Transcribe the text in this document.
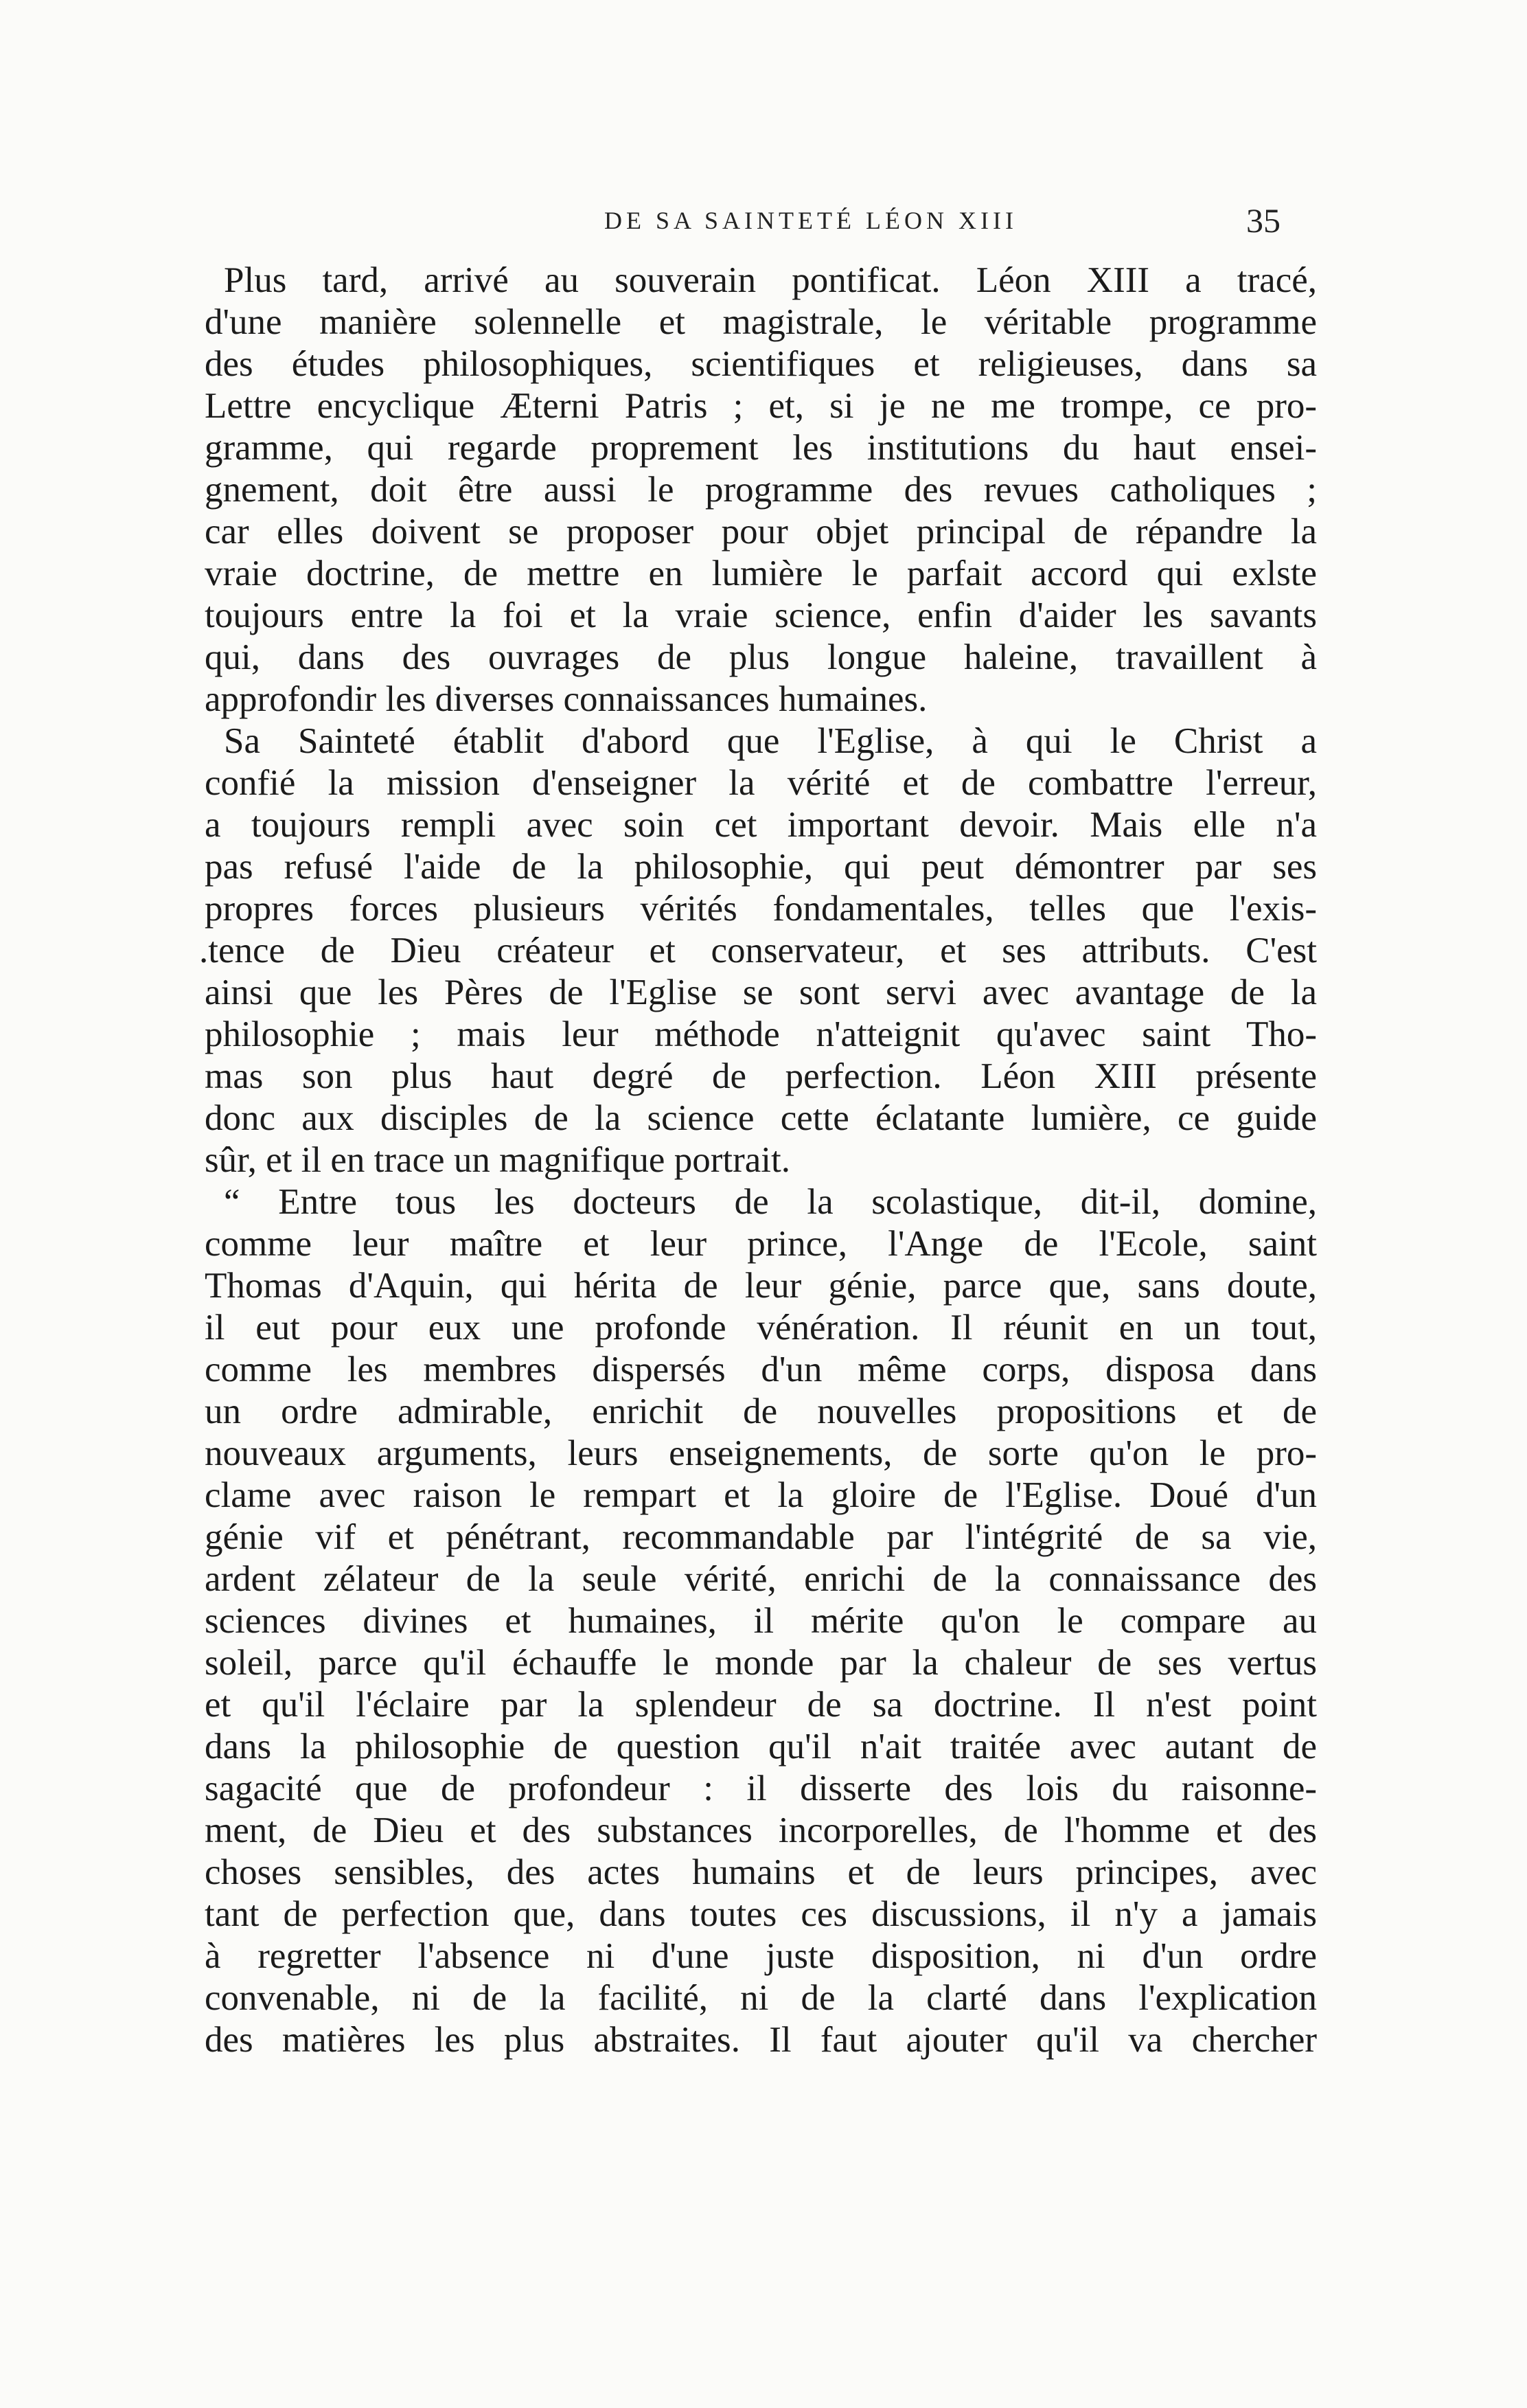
DE SA SAINTETÉ LÉON XIII	35
Plus tard, arrivé au souverain pontificat. Léon XIII a tracé,
d'une manière solennelle et magistrale, le véritable programme
des études philosophiques, scientifiques et religieuses, dans sa
Lettre encyclique Æterni Patris ; et, si je ne me trompe, ce pro-
gramme, qui regarde proprement les institutions du haut ensei-
gnement, doit être aussi le programme des revues catholiques ;
car elles doivent se proposer pour objet principal de répandre la
vraie doctrine, de mettre en lumière le parfait accord qui exlste
toujours entre la foi et la vraie science, enfin d'aider les savants
qui, dans des ouvrages de plus longue haleine, travaillent à
approfondir les diverses connaissances humaines.
Sa Sainteté établit d'abord que l'Eglise, à qui le Christ a
confié la mission d'enseigner la vérité et de combattre l'erreur,
a toujours rempli avec soin cet important devoir. Mais elle n'a
pas refusé l'aide de la philosophie, qui peut démontrer par ses
propres forces plusieurs vérités fondamentales, telles que l'exis-
.tence de Dieu créateur et conservateur, et ses attributs. C'est
ainsi que les Pères de l'Eglise se sont servi avec avantage de la
philosophie ; mais leur méthode n'atteignit qu'avec saint Tho-
mas son plus haut degré de perfection. Léon XIII présente
donc aux disciples de la science cette éclatante lumière, ce guide
sûr, et il en trace un magnifique portrait.
“ Entre tous les docteurs de la scolastique, dit-il, domine,
comme leur maître et leur prince, l'Ange de l'Ecole, saint
Thomas d'Aquin, qui hérita de leur génie, parce que, sans doute,
il eut pour eux une profonde vénération. Il réunit en un tout,
comme les membres dispersés d'un même corps, disposa dans
un ordre admirable, enrichit de nouvelles propositions et de
nouveaux arguments, leurs enseignements, de sorte qu'on le pro-
clame avec raison le rempart et la gloire de l'Eglise. Doué d'un
génie vif et pénétrant, recommandable par l'intégrité de sa vie,
ardent zélateur de la seule vérité, enrichi de la connaissance des
sciences divines et humaines, il mérite qu'on le compare au
soleil, parce qu'il échauffe le monde par la chaleur de ses vertus
et qu'il l'éclaire par la splendeur de sa doctrine. Il n'est point
dans la philosophie de question qu'il n'ait traitée avec autant de
sagacité que de profondeur : il disserte des lois du raisonne-
ment, de Dieu et des substances incorporelles, de l'homme et des
choses sensibles, des actes humains et de leurs principes, avec
tant de perfection que, dans toutes ces discussions, il n'y a jamais
à regretter l'absence ni d'une juste disposition, ni d'un ordre
convenable, ni de la facilité, ni de la clarté dans l'explication
des matières les plus abstraites. Il faut ajouter qu'il va chercher
